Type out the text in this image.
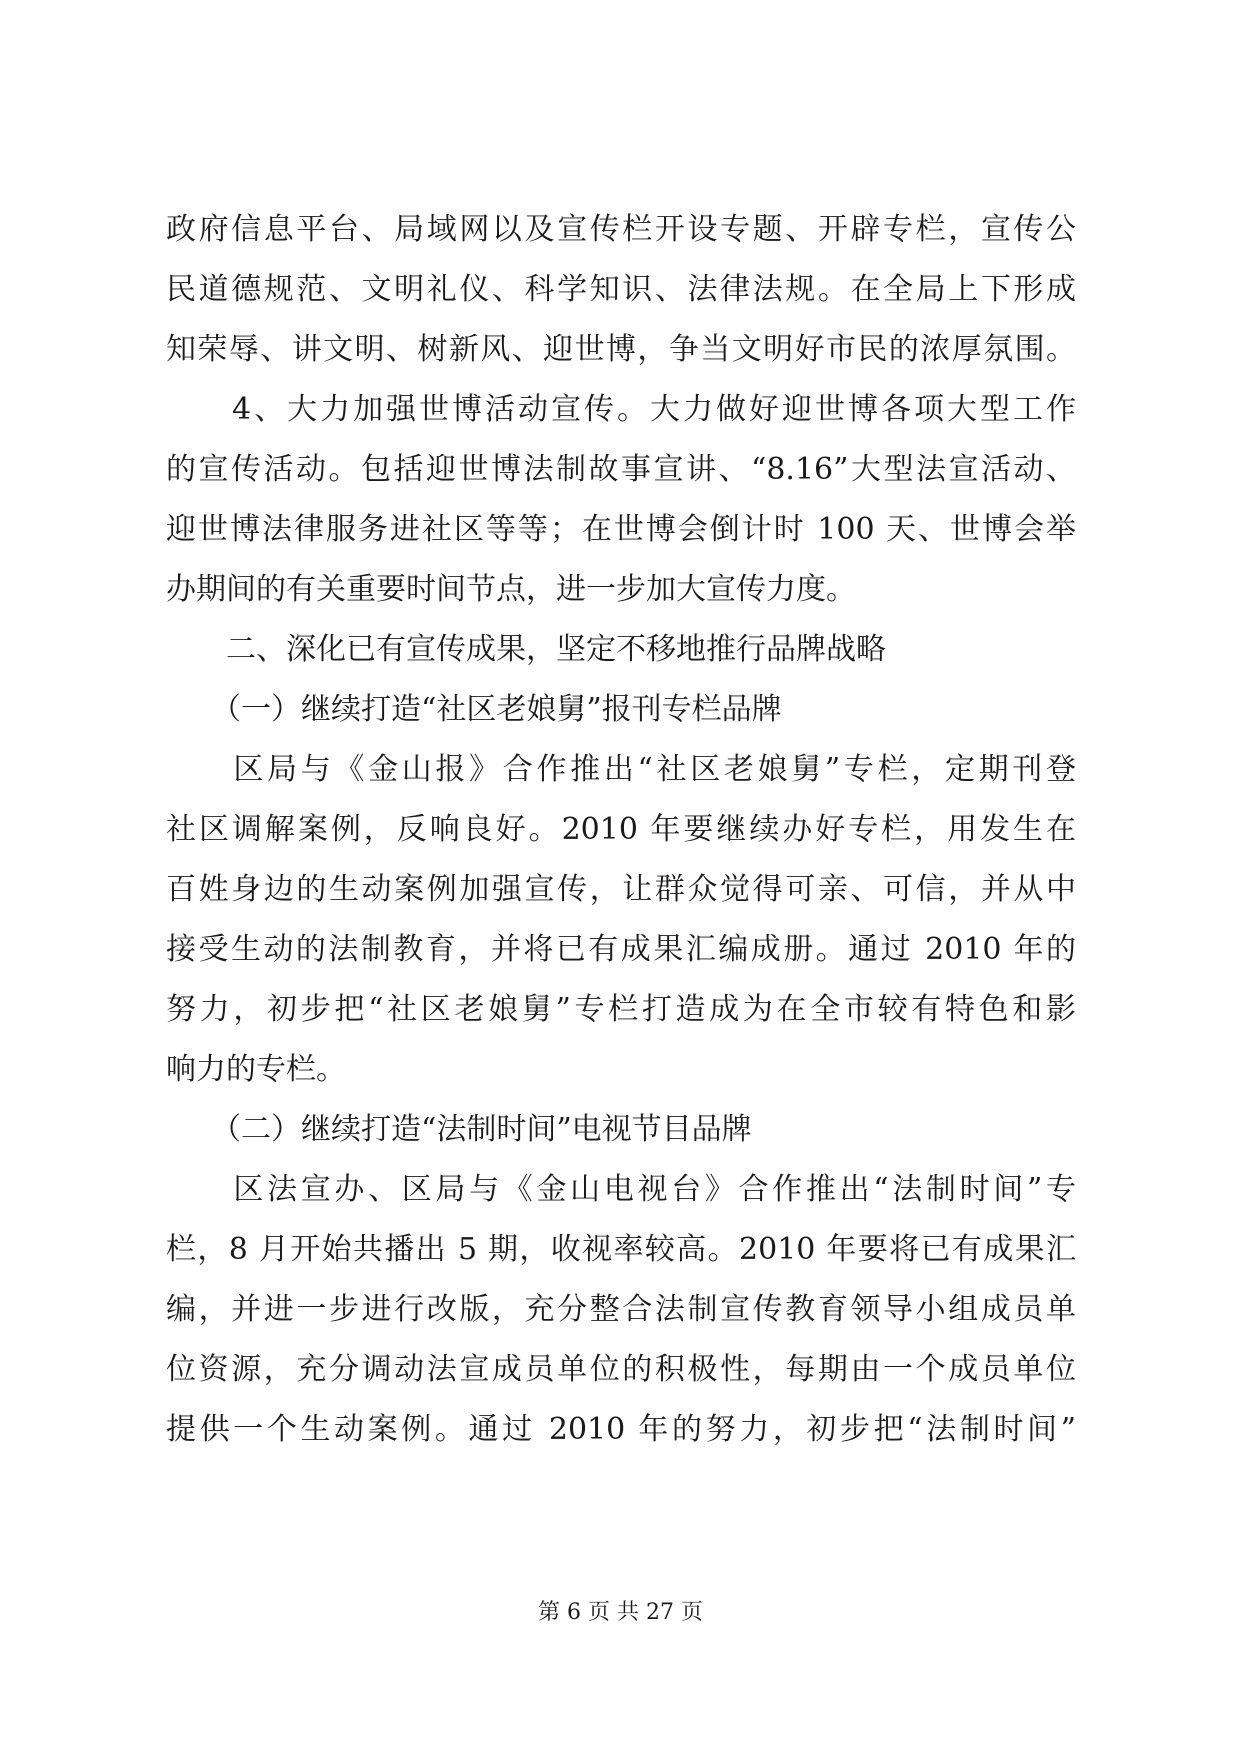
政府信息平台、局域网以及宣传栏开设专题、开辟专栏，宣传公
民道德规范、文明礼仪、科学知识、法律法规。在全局上下形成
知荣辱、讲文明、树新风、迎世博，争当文明好市民的浓厚氛围。
　　4、大力加强世博活动宣传。大力做好迎世博各项大型工作
的宣传活动。包括迎世博法制故事宣讲、“8.16”大型法宣活动、
迎世博法律服务进社区等等；在世博会倒计时 100 天、世博会举
办期间的有关重要时间节点，进一步加大宣传力度。
　　二、深化已有宣传成果，坚定不移地推行品牌战略
　　（一）继续打造“社区老娘舅”报刊专栏品牌
　　区局与《金山报》合作推出“社区老娘舅”专栏，定期刊登
社区调解案例，反响良好。2010 年要继续办好专栏，用发生在
百姓身边的生动案例加强宣传，让群众觉得可亲、可信，并从中
接受生动的法制教育，并将已有成果汇编成册。通过 2010 年的
努力，初步把“社区老娘舅”专栏打造成为在全市较有特色和影
响力的专栏。
　　（二）继续打造“法制时间”电视节目品牌
　　区法宣办、区局与《金山电视台》合作推出“法制时间”专
栏，8 月开始共播出 5 期，收视率较高。2010 年要将已有成果汇
编，并进一步进行改版，充分整合法制宣传教育领导小组成员单
位资源，充分调动法宣成员单位的积极性，每期由一个成员单位
提供一个生动案例。通过 2010 年的努力，初步把“法制时间”
第 6 页 共 27 页
